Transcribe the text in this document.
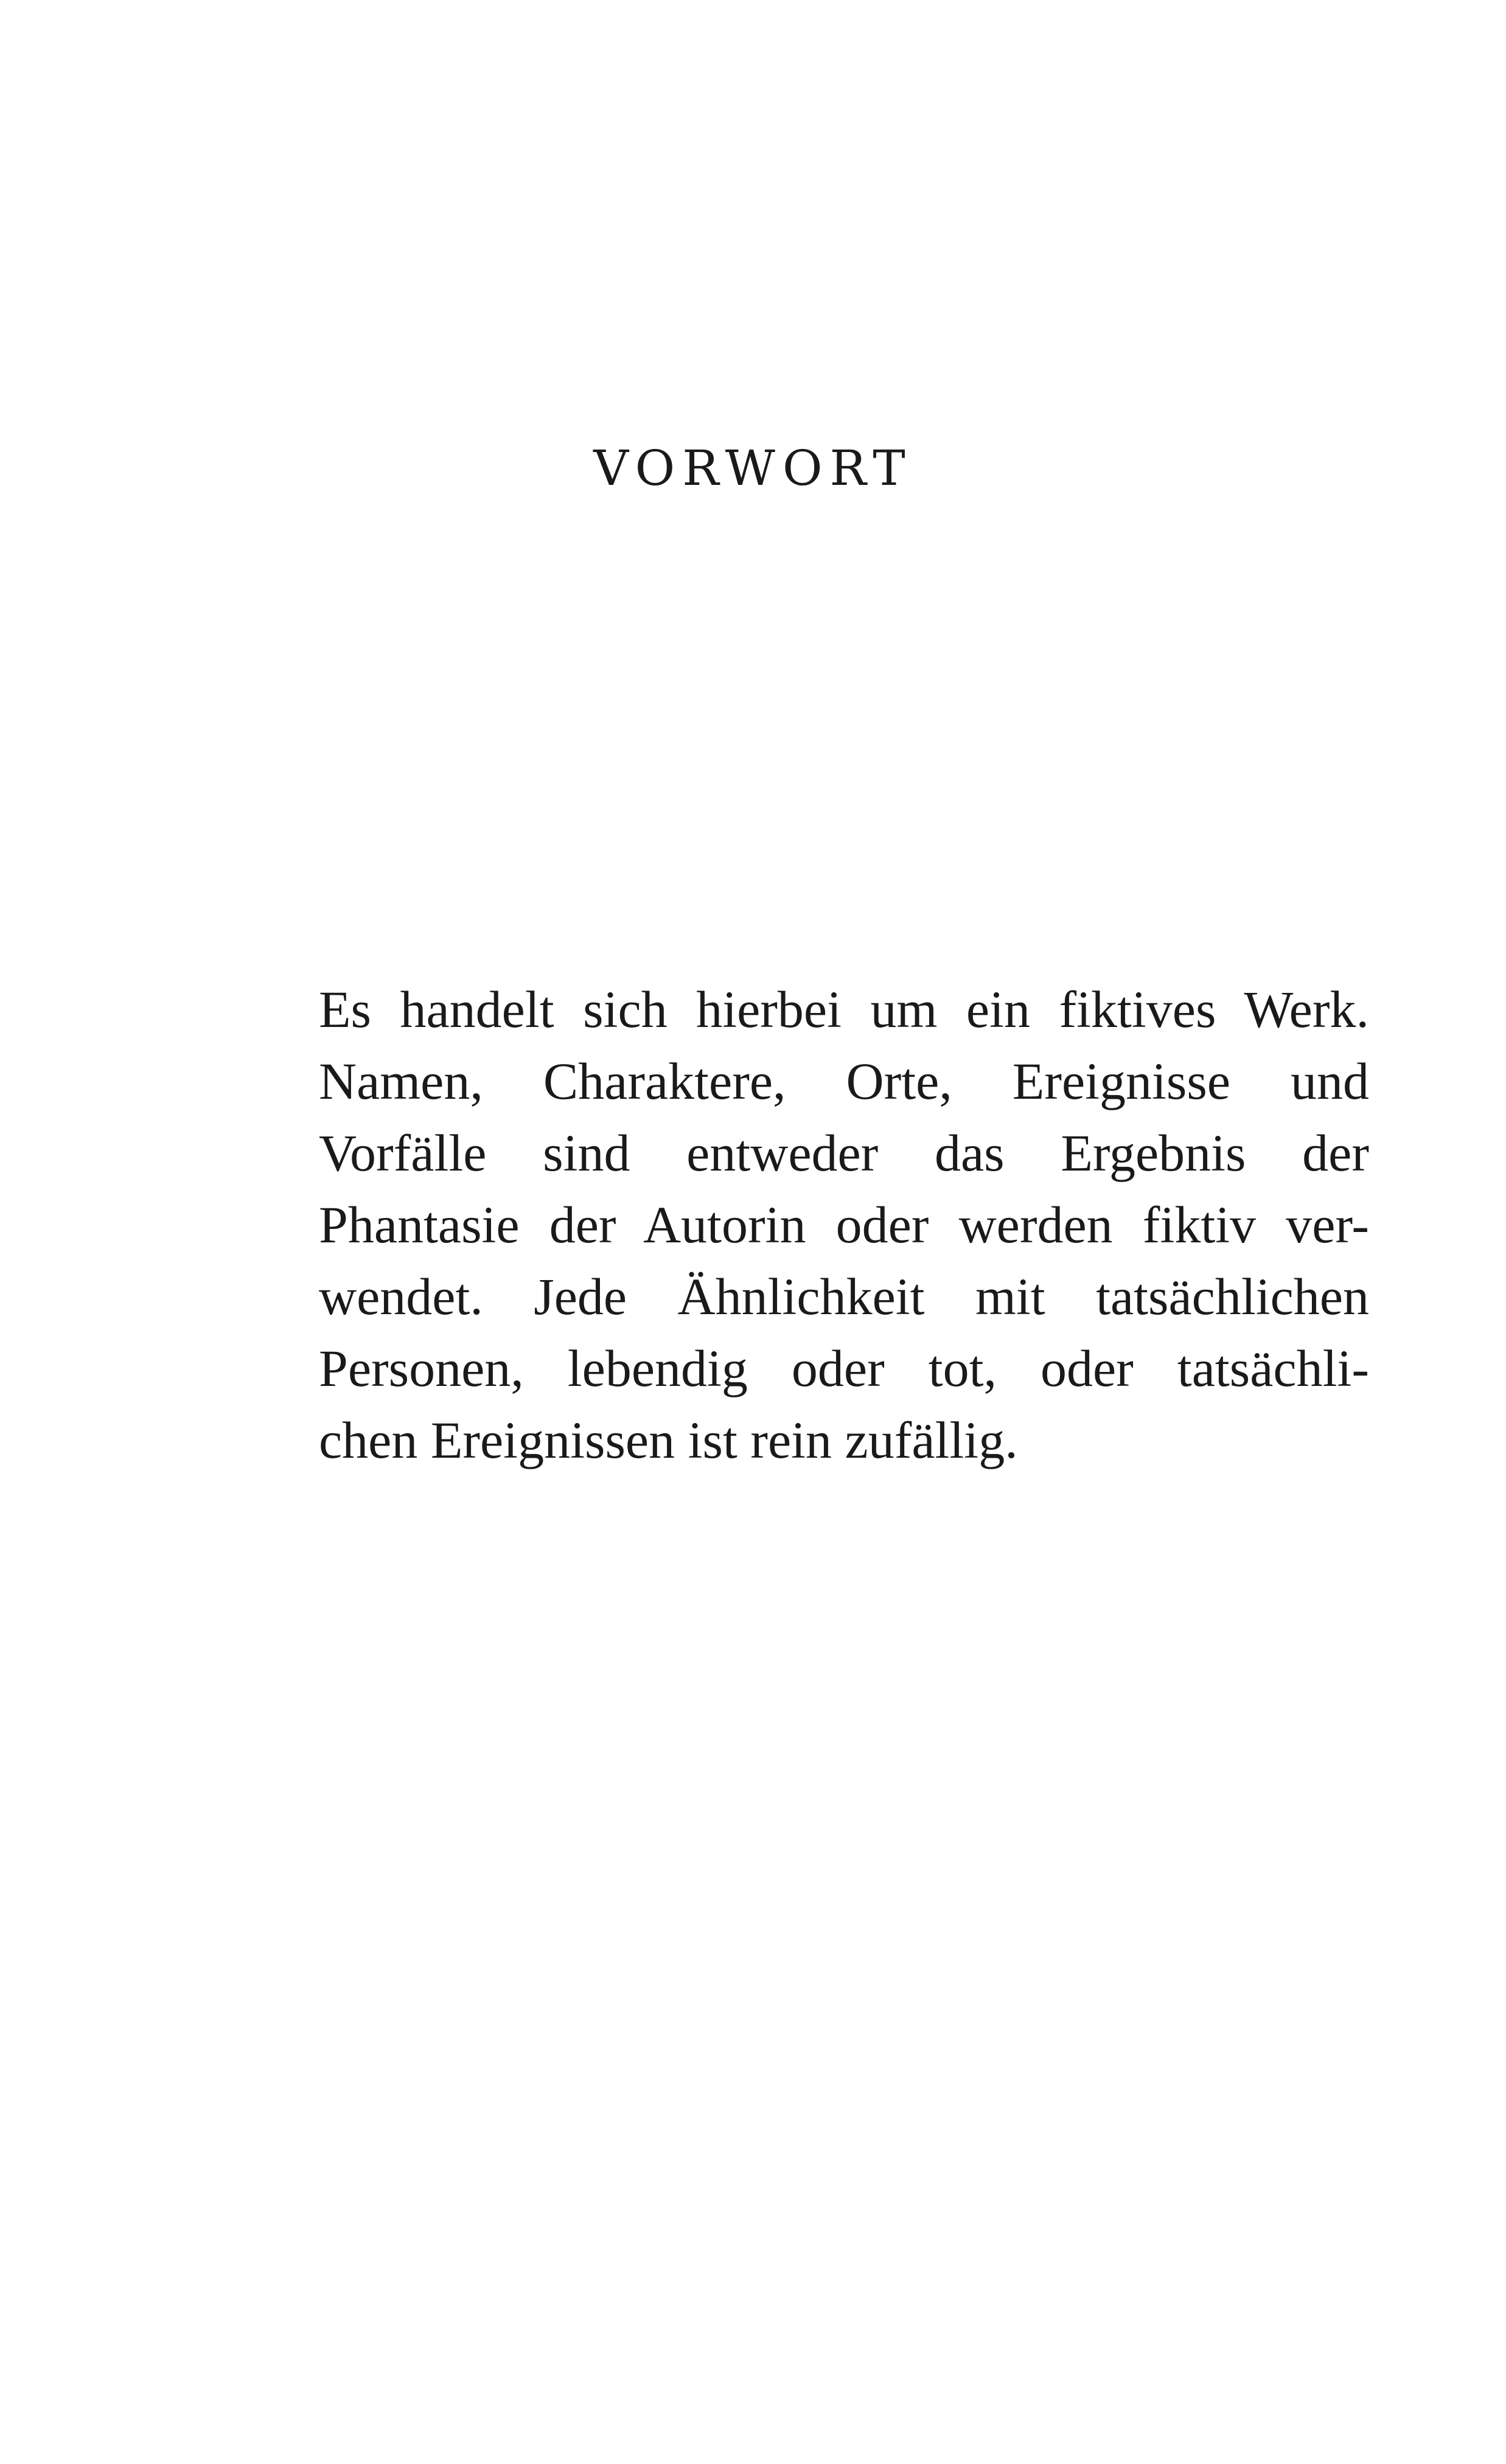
VORWORT
Es handelt sich hierbei um ein fiktives Werk.
Namen, Charaktere, Orte, Ereignisse und
Vorfälle sind entweder das Ergebnis der
Phantasie der Autorin oder werden fiktiv ver-
wendet. Jede Ähnlichkeit mit tatsächlichen
Personen, lebendig oder tot, oder tatsächli-
chen Ereignissen ist rein zufällig.
